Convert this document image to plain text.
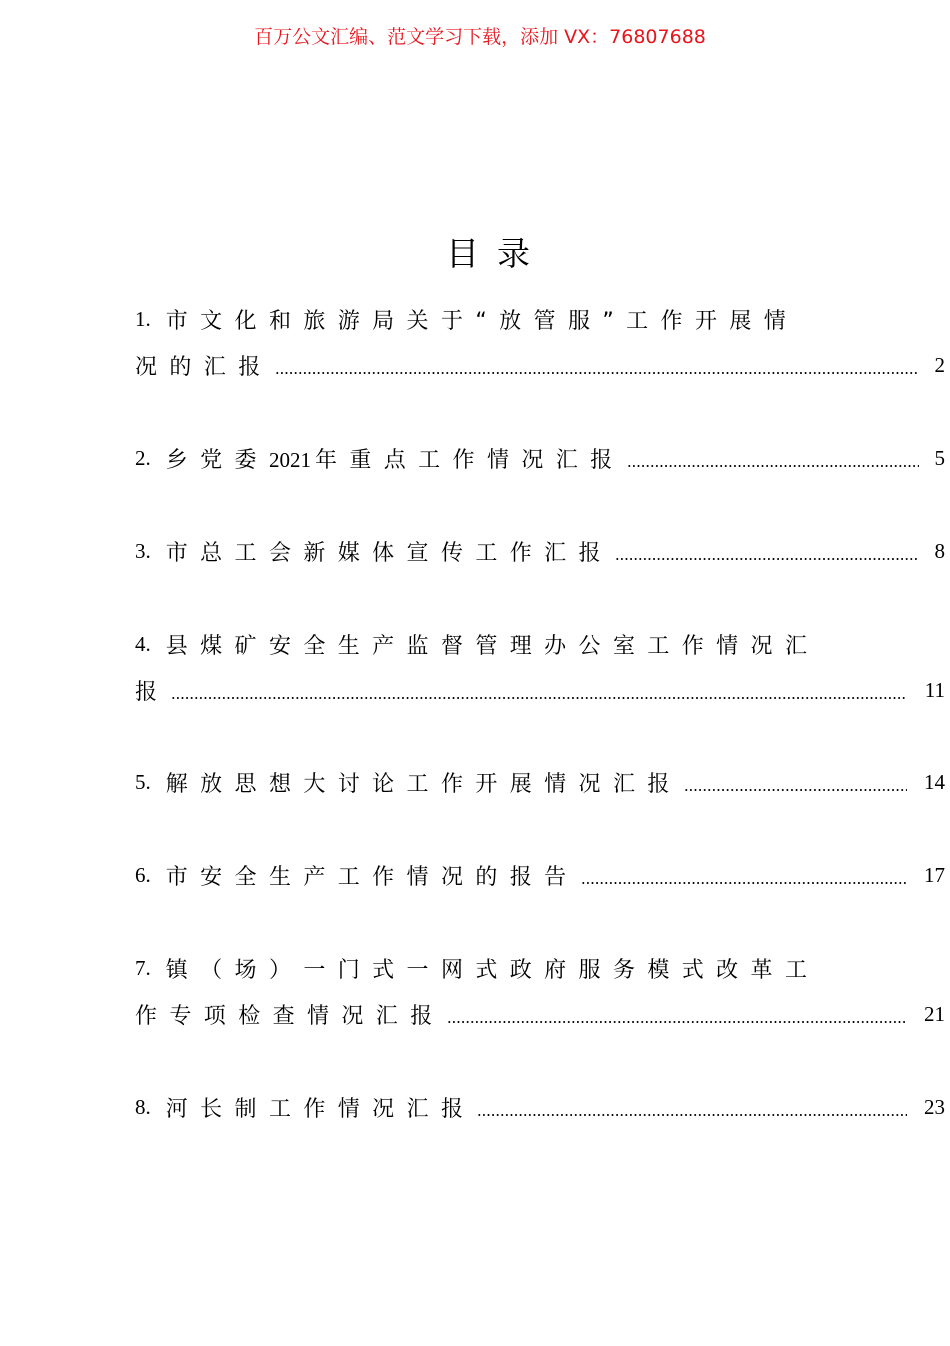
百万公文汇编、范文学习下载，添加 VX：76807688
目录
1. 市文化和旅游局关于“放管服”工作开展情
况的汇报	2
2. 乡党委2021 年重点工作情况汇报	5
3. 市总工会新媒体宣传工作汇报	8
4. 县煤矿安全生产监督管理办公室工作情况汇
报	11
5. 解放思想大讨论工作开展情况汇报	14
6. 市安全生产工作情况的报告	17
7. 镇（场）一门式一网式政府服务模式改革工
作专项检查情况汇报	21
8. 河长制工作情况汇报	23
